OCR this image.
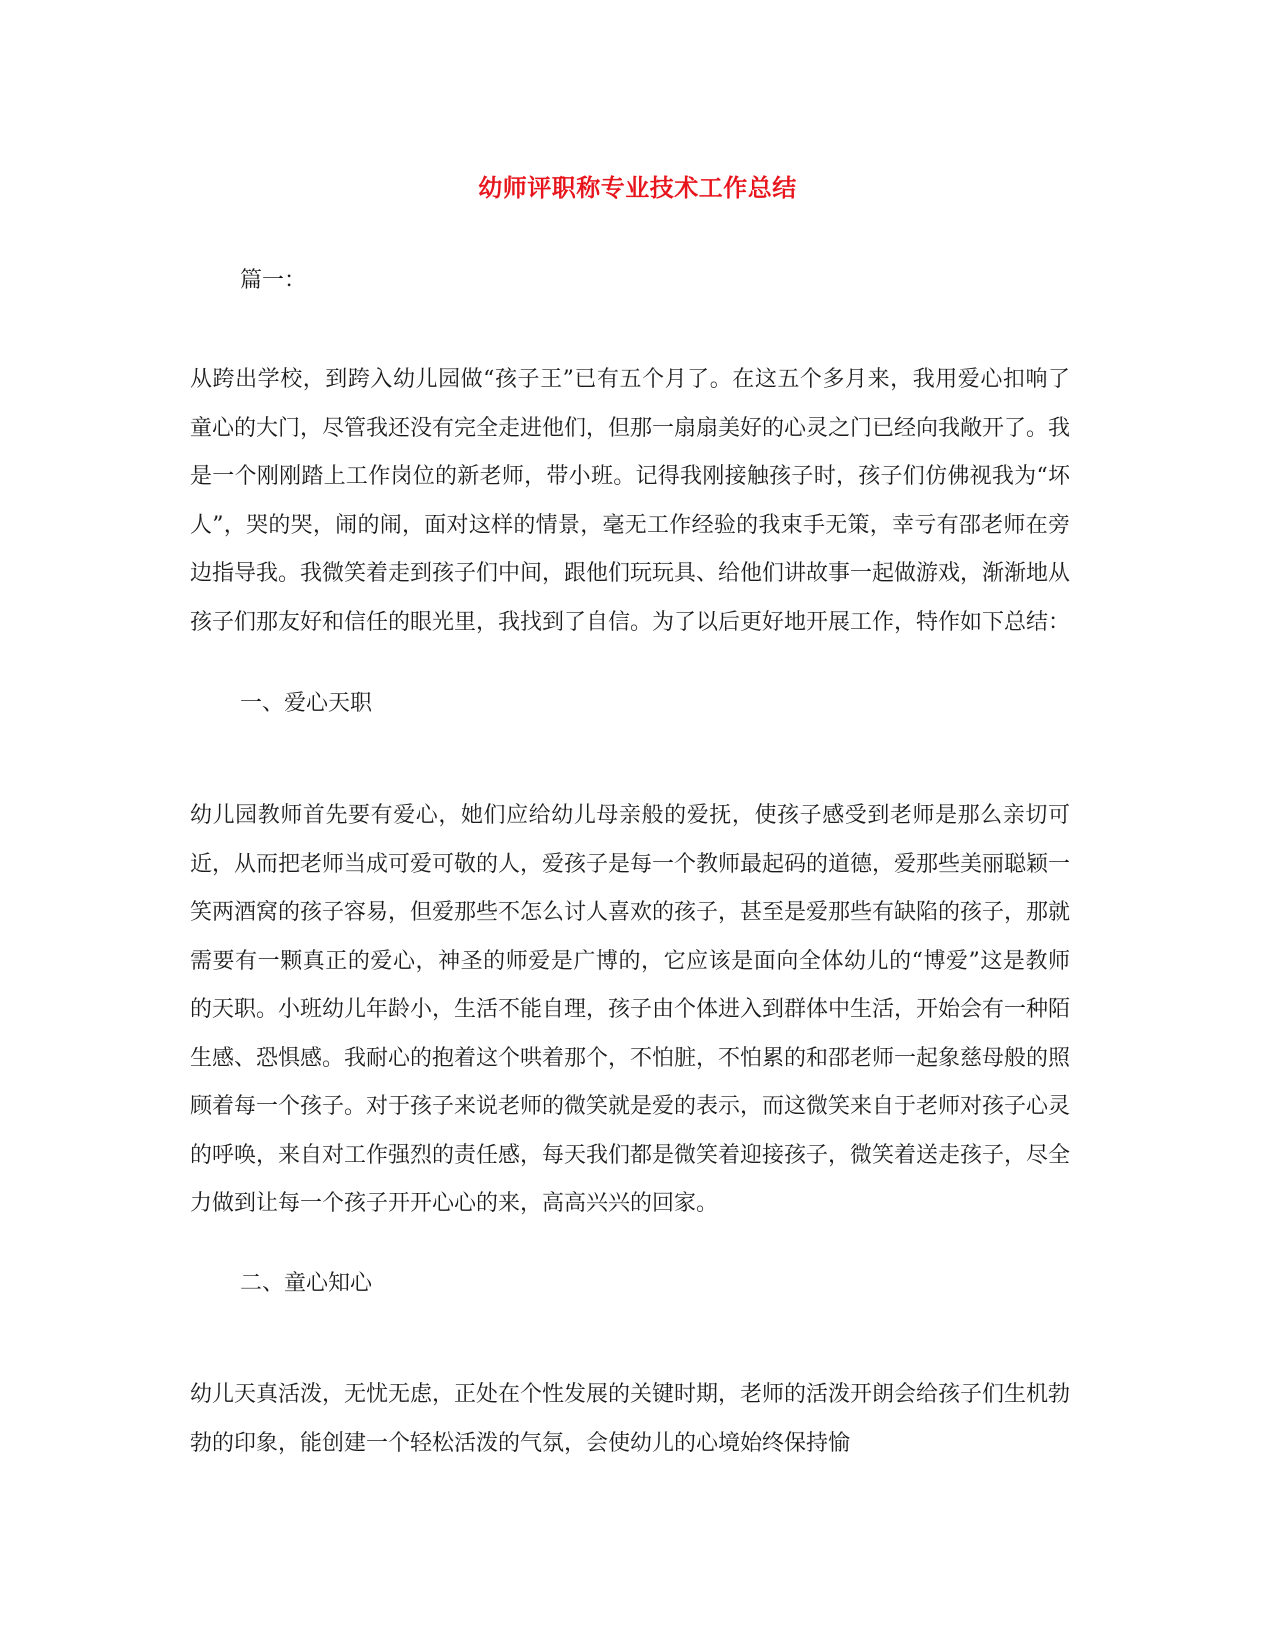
幼师评职称专业技术工作总结
篇一：

从跨出学校，到跨入幼儿园做“孩子王”已有五个月了。在这五个多月来，我用爱心扣响了童心的大门，尽管我还没有完全走进他们，但那一扇扇美好的心灵之门已经向我敞开了。我是一个刚刚踏上工作岗位的新老师，带小班。记得我刚接触孩子时，孩子们仿佛视我为“坏人”，哭的哭，闹的闹，面对这样的情景，毫无工作经验的我束手无策，幸亏有邵老师在旁边指导我。我微笑着走到孩子们中间，跟他们玩玩具、给他们讲故事一起做游戏，渐渐地从孩子们那友好和信任的眼光里，我找到了自信。为了以后更好地开展工作，特作如下总结：

一、爱心天职

幼儿园教师首先要有爱心，她们应给幼儿母亲般的爱抚，使孩子感受到老师是那么亲切可近，从而把老师当成可爱可敬的人，爱孩子是每一个教师最起码的道德，爱那些美丽聪颖一笑两酒窝的孩子容易，但爱那些不怎么讨人喜欢的孩子，甚至是爱那些有缺陷的孩子，那就需要有一颗真正的爱心，神圣的师爱是广博的，它应该是面向全体幼儿的“博爱”这是教师的天职。小班幼儿年龄小，生活不能自理，孩子由个体进入到群体中生活，开始会有一种陌生感、恐惧感。我耐心的抱着这个哄着那个，不怕脏，不怕累的和邵老师一起象慈母般的照顾着每一个孩子。对于孩子来说老师的微笑就是爱的表示，而这微笑来自于老师对孩子心灵的呼唤，来自对工作强烈的责任感，每天我们都是微笑着迎接孩子，微笑着送走孩子，尽全力做到让每一个孩子开开心心的来，高高兴兴的回家。

二、童心知心

幼儿天真活泼，无忧无虑，正处在个性发展的关键时期，老师的活泼开朗会给孩子们生机勃勃的印象，能创建一个轻松活泼的气氛，会使幼儿的心境始终保持愉
